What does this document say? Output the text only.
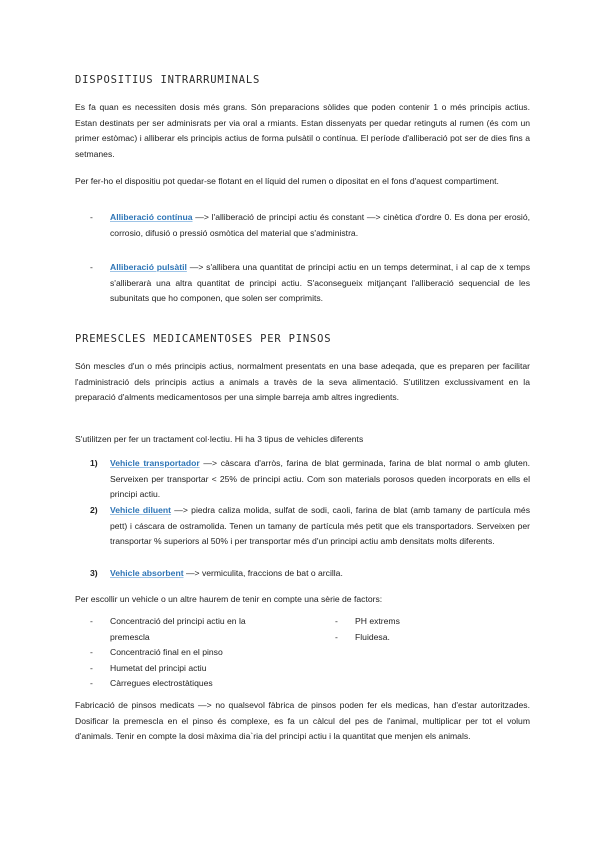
DISPOSITIUS INTRARRUMINALS

Es fa quan es necessiten dosis més grans. Són preparacions sòlides que poden contenir 1 o més principis actius. Estan destinats per ser adminisrats per via oral a rmiants. Estan dissenyats per quedar retinguts al rumen (és com un primer estòmac) i alliberar els principis actius de forma pulsàtil o contínua. El període d'alliberació pot ser de dies fins a setmanes.

Per fer-ho el dispositiu pot quedar-se flotant en el líquid del rumen o dipositat en el fons d'aquest compartiment.

- Alliberació contínua —> l'alliberació de principi actiu és constant —> cinètica d'ordre 0. Es dona per erosió, corrosio, difusió o pressió osmòtica del material que s'administra.
- Alliberació pulsàtil —> s'allibera una quantitat de principi actiu en un temps determinat, i al cap de x temps s'alliberarà una altra quantitat de principi actiu. S'aconsegueix mitjançant l'alliberació sequencial de les subunitats que ho componen, que solen ser comprimits.
PREMESCLES MEDICAMENTOSES PER PINSOS

Són mescles d'un o més principis actius, normalment presentats en una base adeqada, que es preparen per facilitar l'administració dels principis actius a animals a travès de la seva alimentació. S'utilitzen exclussivament en la preparació d'alments medicamentosos per una simple barreja amb altres ingredients.

S'utilitzen per fer un tractament col·lectiu. Hi ha 3 tipus de vehicles diferents

1) Vehicle transportador —> càscara d'arròs, farina de blat germinada, farina de blat normal o amb gluten. Serveixen per transportar < 25% de principi actiu. Com son materials porosos queden incorporats en ells el principi actiu.
2) Vehicle diluent —> piedra caliza molida, sulfat de sodi, caoli, farina de blat (amb tamany de partícula més pett) i cáscara de ostramolida. Tenen un tamany de partícula més petit que els transportadors. Serveixen per transportar % superiors al 50% i per transportar més d'un principi actiu amb densitats molts diferents.
3) Vehicle absorbent —> vermiculita, fraccions de bat o arcilla.

Per escollir un vehicle o un altre haurem de tenir en compte una sèrie de factors:

- Concentració del principi actiu en la premescla
- Concentració final en el pinso
- Humetat del principi actiu
- Càrregues electrostàtiques
- PH extrems
- Fluidesa.

Fabricació de pinsos medicats —> no qualsevol fàbrica de pinsos poden fer els medicas, han d'estar autoritzades. Dosificar la premescla en el pinso és complexe, es fa un càlcul del pes de l'animal, multiplicar per tot el volum d'animals. Tenir en compte la dosi màxima dia`ria del principi actiu i la quantitat que menjen els animals.
